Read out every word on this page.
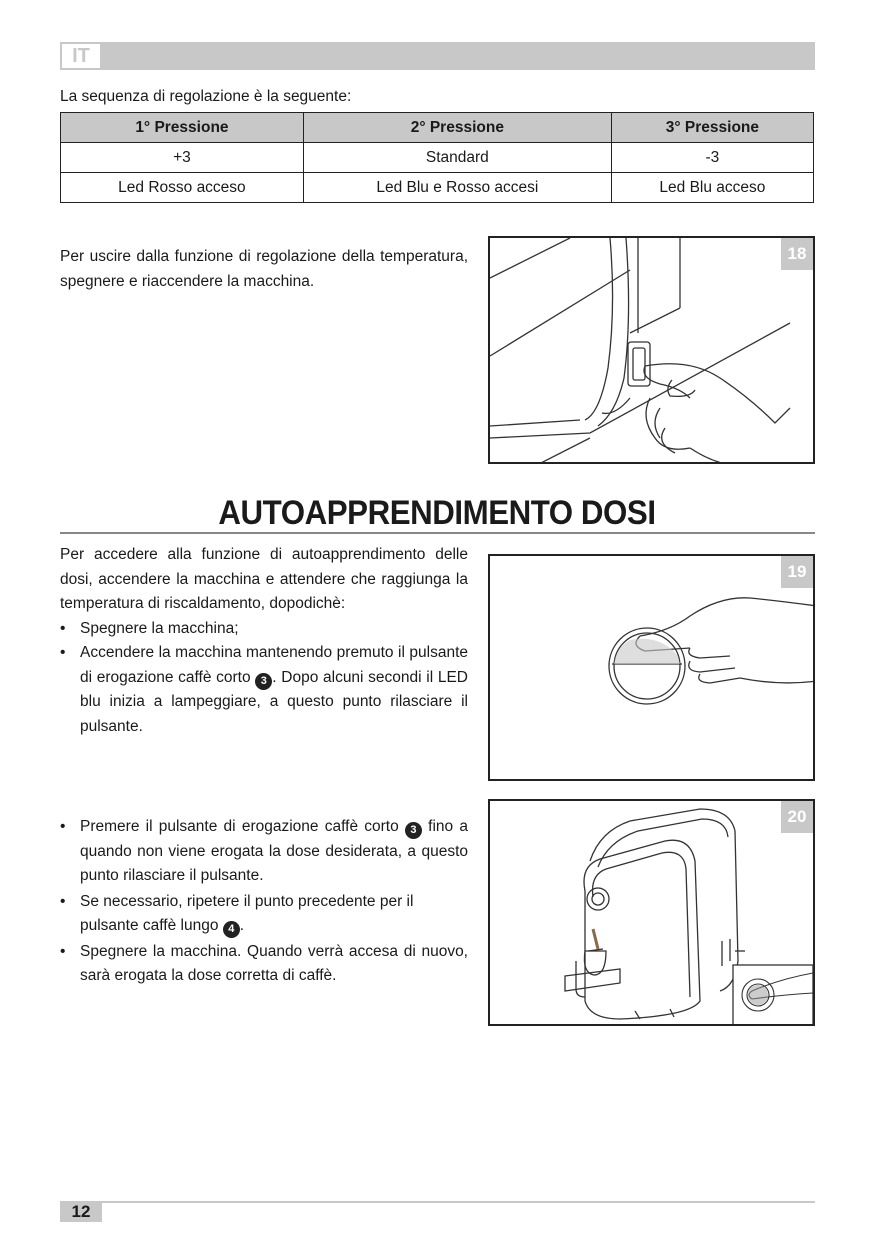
IT
La sequenza di regolazione è la seguente:
1° Pressione	2° Pressione	3° Pressione
+3	Standard	-3
Led Rosso acceso	Led Blu e Rosso accesi	Led Blu acceso
Per uscire dalla funzione di regolazione della temperatura, spegnere e riaccendere la macchina.
18
AUTOAPPRENDIMENTO DOSI
Per accedere alla funzione di autoapprendimento delle dosi, accendere la macchina e attendere che raggiunga la temperatura di riscaldamento, dopodichè:
• Spegnere la macchina;
• Accendere la macchina mantenendo premuto il pulsante di erogazione caffè corto 3 . Dopo alcuni secondi il LED blu inizia a lampeggiare, a questo punto rilasciare il pulsante.
19
• Premere il pulsante di erogazione caffè corto 3 fino a quando non viene erogata la dose desiderata, a questo punto rilasciare il pulsante.
• Se necessario, ripetere il punto precedente per il pulsante caffè lungo 4 .
• Spegnere la macchina. Quando verrà accesa di nuovo, sarà erogata la dose corretta di caffè.
20
12
